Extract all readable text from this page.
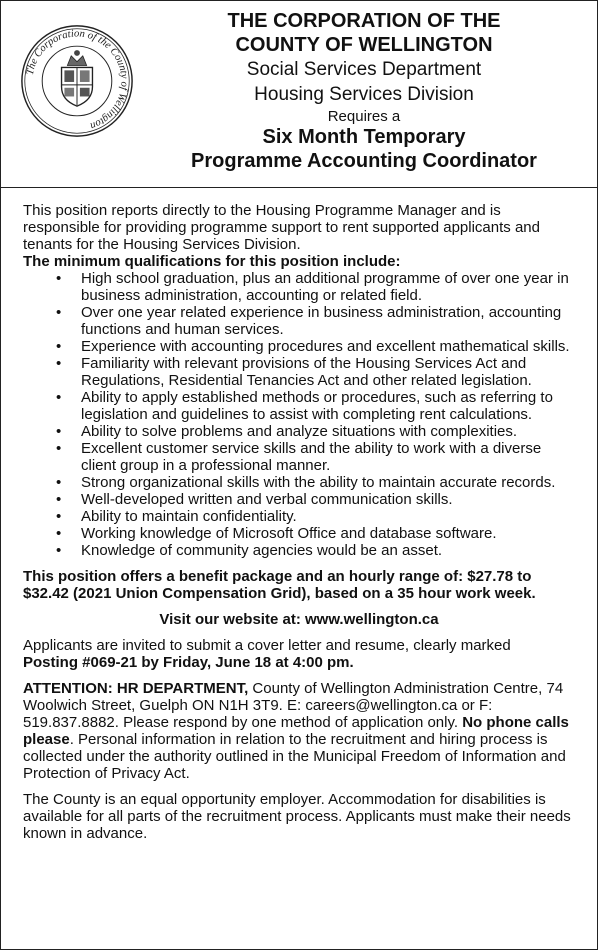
The Corporation of the County of Wellington
THE CORPORATION OF THE
COUNTY OF WELLINGTON
Social Services Department
Housing Services Division
Requires a
Six Month Temporary
Programme Accounting Coordinator

This position reports directly to the Housing Programme Manager and is responsible for providing programme support to rent supported applicants and tenants for the Housing Services Division.

The minimum qualifications for this position include:

• High school graduation, plus an additional programme of over one year in business administration, accounting or related field.
• Over one year related experience in business administration, accounting functions and human services.
• Experience with accounting procedures and excellent mathematical skills.
• Familiarity with relevant provisions of the Housing Services Act and Regulations, Residential Tenancies Act and other related legislation.
• Ability to apply established methods or procedures, such as referring to legislation and guidelines to assist with completing rent calculations.
• Ability to solve problems and analyze situations with complexities.
• Excellent customer service skills and the ability to work with a diverse client group in a professional manner.
• Strong organizational skills with the ability to maintain accurate records.
• Well-developed written and verbal communication skills.
• Ability to maintain confidentiality.
• Working knowledge of Microsoft Office and database software.
• Knowledge of community agencies would be an asset.

This position offers a benefit package and an hourly range of: $27.78 to $32.42 (2021 Union Compensation Grid), based on a 35 hour work week.

Visit our website at: www.wellington.ca

Applicants are invited to submit a cover letter and resume, clearly marked
Posting #069-21 by Friday, June 18 at 4:00 pm.

ATTENTION: HR DEPARTMENT, County of Wellington Administration Centre, 74 Woolwich Street, Guelph ON N1H 3T9. E: careers@wellington.ca or F: 519.837.8882. Please respond by one method of application only. No phone calls please. Personal information in relation to the recruitment and hiring process is collected under the authority outlined in the Municipal Freedom of Information and Protection of Privacy Act.

The County is an equal opportunity employer. Accommodation for disabilities is available for all parts of the recruitment process. Applicants must make their needs known in advance.
